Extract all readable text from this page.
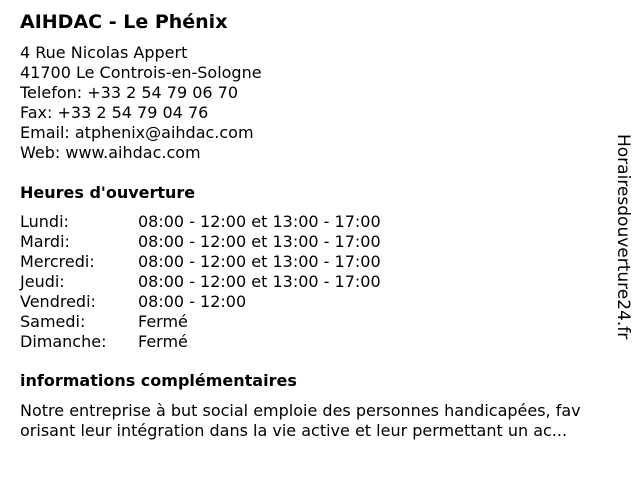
AIHDAC - Le Phénix
4 Rue Nicolas Appert
41700 Le Controis-en-Sologne
Telefon: +33 2 54 79 06 70
Fax: +33 2 54 79 04 76
Email: atphenix@aihdac.com
Web: www.aihdac.com
Heures d'ouverture
Lundi:	08:00 - 12:00 et 13:00 - 17:00
Mardi:	08:00 - 12:00 et 13:00 - 17:00
Mercredi:	08:00 - 12:00 et 13:00 - 17:00
Jeudi:	08:00 - 12:00 et 13:00 - 17:00
Vendredi:	08:00 - 12:00
Samedi:	Fermé
Dimanche:	Fermé
informations complémentaires
Notre entreprise à but social emploie des personnes handicapées, fav
orisant leur intégration dans la vie active et leur permettant un ac...
Horairesdouverture24.fr
